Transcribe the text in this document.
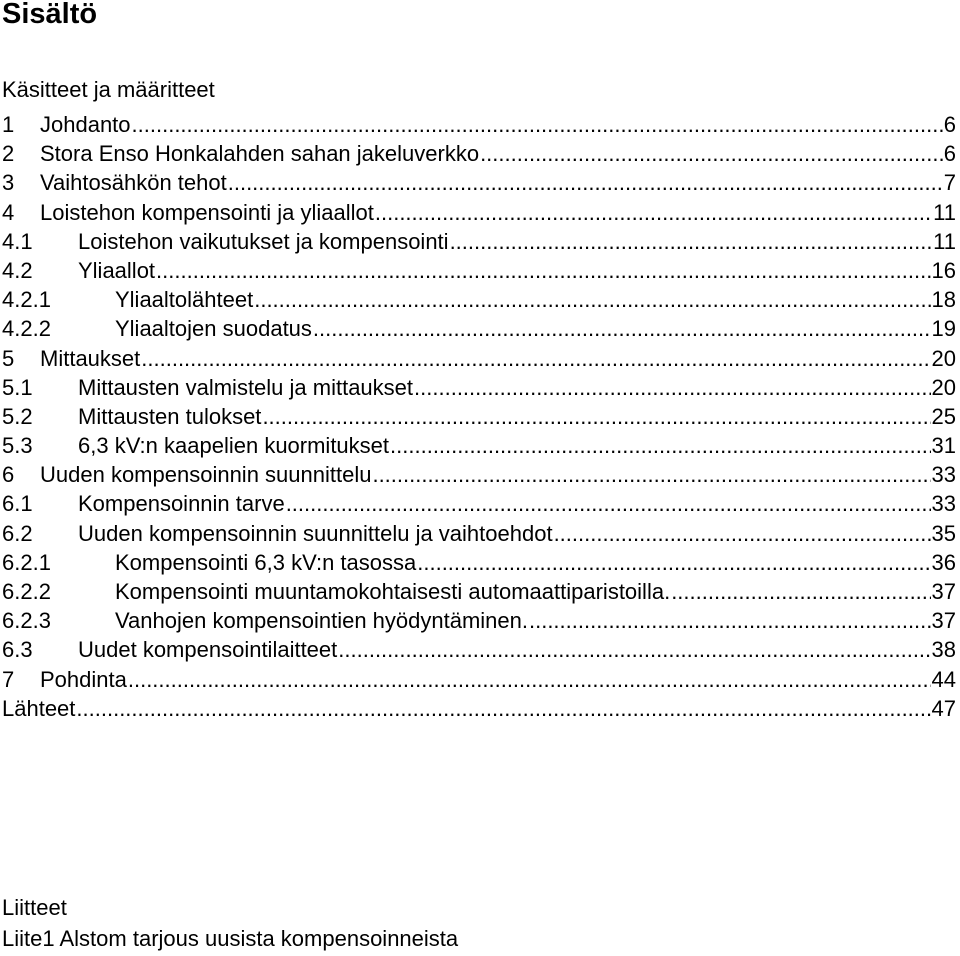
Sisältö
Käsitteet ja määritteet
1	Johdanto .....	6
2	Stora Enso Honkalahden sahan jakeluverkko .....	6
3	Vaihtosähkön tehot .....	7
4	Loistehon kompensointi ja yliaallot .....	11
4.1	Loistehon vaikutukset ja kompensointi .....	11
4.2	Yliaallot .....	16
4.2.1	Yliaaltolähteet .....	18
4.2.2	Yliaaltojen suodatus .....	19
5	Mittaukset .....	20
5.1	Mittausten valmistelu ja mittaukset .....	20
5.2	Mittausten tulokset .....	25
5.3	6,3 kV:n kaapelien kuormitukset .....	31
6	Uuden kompensoinnin suunnittelu .....	33
6.1	Kompensoinnin tarve .....	33
6.2	Uuden kompensoinnin suunnittelu ja vaihtoehdot .....	35
6.2.1	Kompensointi 6,3 kV:n tasossa .....	36
6.2.2	Kompensointi muuntamokohtaisesti automaattiparistoilla. .....	37
6.2.3	Vanhojen kompensointien hyödyntäminen. .....	37
6.3	Uudet kompensointilaitteet .....	38
7	Pohdinta .....	44
Lähteet .....	47
Liitteet
Liite1 Alstom tarjous uusista kompensoinneista
